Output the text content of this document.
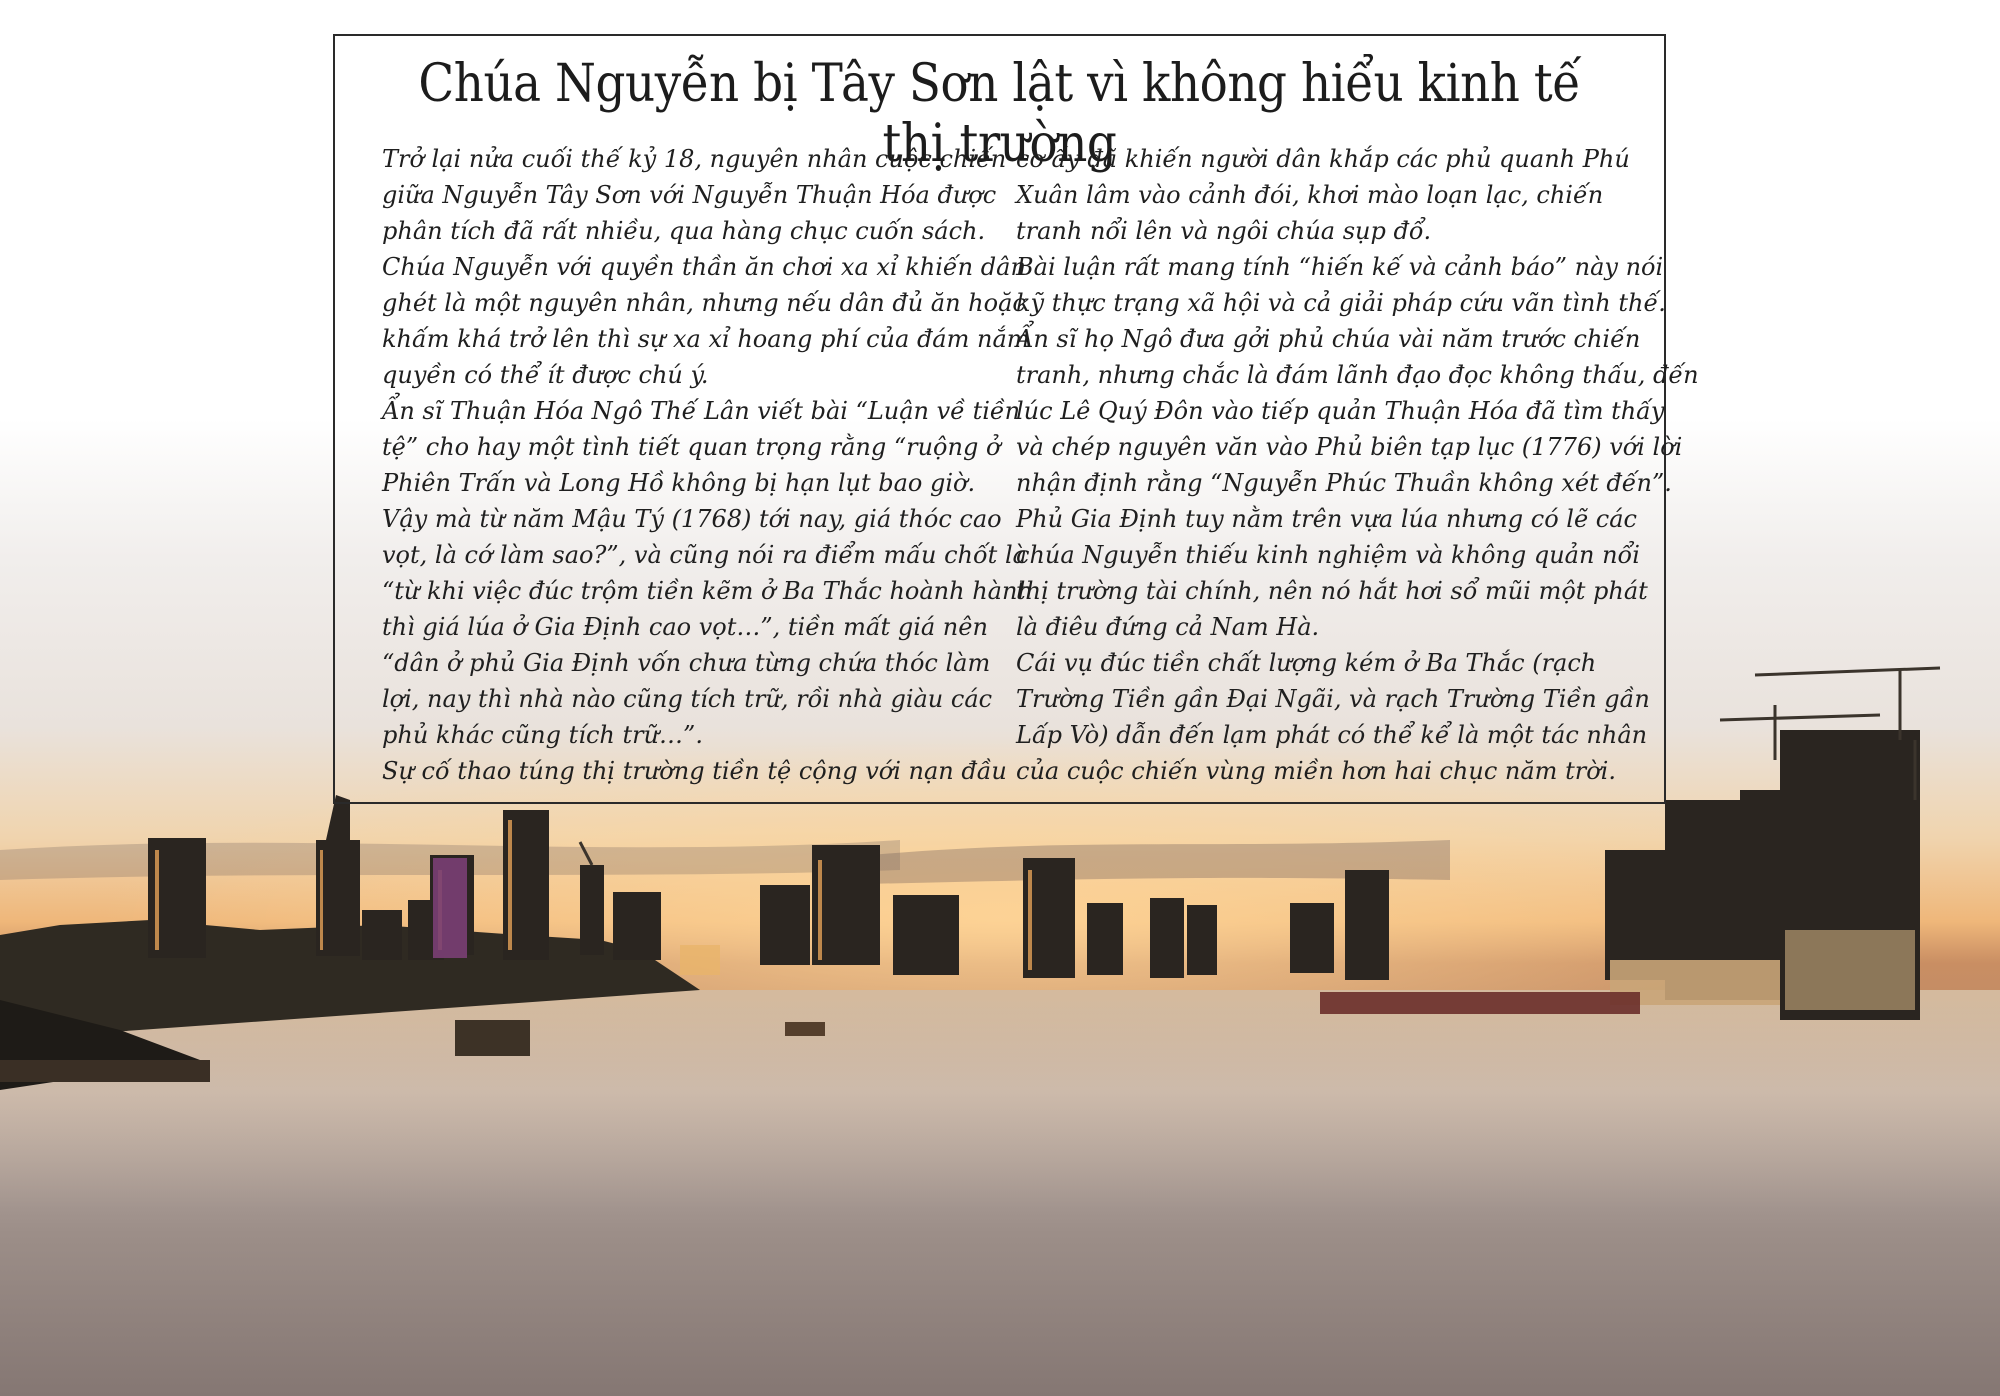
Chúa Nguyễn bị Tây Sơn lật vì không hiểu kinh tế thị trường
Trở lại nửa cuối thế kỷ 18, nguyên nhân cuộc chiến
giữa Nguyễn Tây Sơn với Nguyễn Thuận Hóa được
phân tích đã rất nhiều, qua hàng chục cuốn sách.
Chúa Nguyễn với quyền thần ăn chơi xa xỉ khiến dân
ghét là một nguyên nhân, nhưng nếu dân đủ ăn hoặc
khấm khá trở lên thì sự xa xỉ hoang phí của đám nắm
quyền có thể ít được chú ý.
Ẩn sĩ Thuận Hóa Ngô Thế Lân viết bài “Luận về tiền
tệ” cho hay một tình tiết quan trọng rằng “ruộng ở
Phiên Trấn và Long Hồ không bị hạn lụt bao giờ.
Vậy mà từ năm Mậu Tý (1768) tới nay, giá thóc cao
vọt, là cớ làm sao?”, và cũng nói ra điểm mấu chốt là
“từ khi việc đúc trộm tiền kẽm ở Ba Thắc hoành hành
thì giá lúa ở Gia Định cao vọt…”, tiền mất giá nên
“dân ở phủ Gia Định vốn chưa từng chứa thóc làm
lợi, nay thì nhà nào cũng tích trữ, rồi nhà giàu các
phủ khác cũng tích trữ…”.
Sự cố thao túng thị trường tiền tệ cộng với nạn đầu
cơ ấy đã khiến người dân khắp các phủ quanh Phú
Xuân lâm vào cảnh đói, khơi mào loạn lạc, chiến
tranh nổi lên và ngôi chúa sụp đổ.
Bài luận rất mang tính “hiến kế và cảnh báo” này nói
kỹ thực trạng xã hội và cả giải pháp cứu vãn tình thế.
Ẩn sĩ họ Ngô đưa gởi phủ chúa vài năm trước chiến
tranh, nhưng chắc là đám lãnh đạo đọc không thấu, đến
lúc Lê Quý Đôn vào tiếp quản Thuận Hóa đã tìm thấy
và chép nguyên văn vào Phủ biên tạp lục (1776) với lời
nhận định rằng “Nguyễn Phúc Thuần không xét đến”.
Phủ Gia Định tuy nằm trên vựa lúa nhưng có lẽ các
chúa Nguyễn thiếu kinh nghiệm và không quản nổi
thị trường tài chính, nên nó hắt hơi sổ mũi một phát
là điêu đứng cả Nam Hà.
Cái vụ đúc tiền chất lượng kém ở Ba Thắc (rạch
Trường Tiền gần Đại Ngãi, và rạch Trường Tiền gần
Lấp Vò) dẫn đến lạm phát có thể kể là một tác nhân
của cuộc chiến vùng miền hơn hai chục năm trời.
